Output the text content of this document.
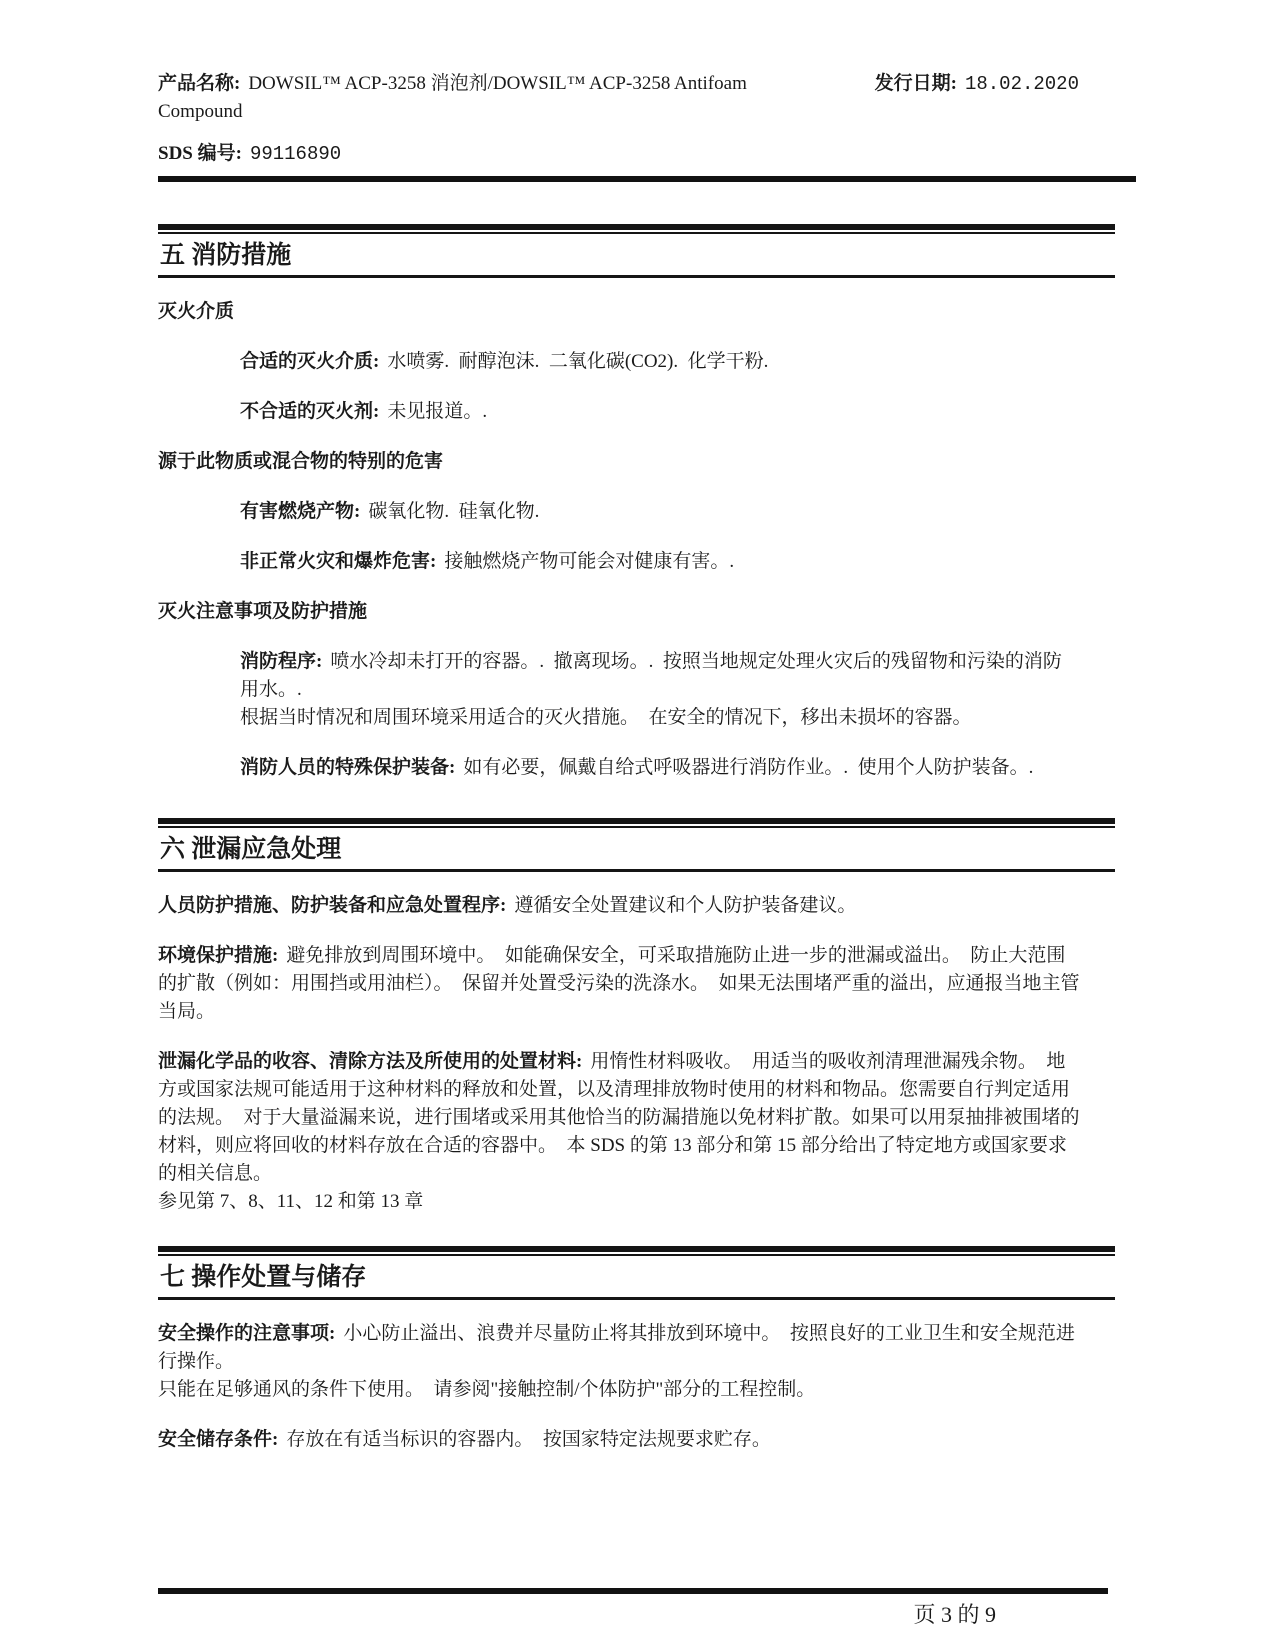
产品名称: DOWSIL™ ACP-3258 消泡剂/DOWSIL™ ACP-3258 Antifoam Compound
发行日期: 18.02.2020
SDS 编号: 99116890
五 消防措施
灭火介质

合适的灭火介质: 水喷雾.  耐醇泡沫.  二氧化碳(CO2).  化学干粉.

不合适的灭火剂: 未见报道。.

源于此物质或混合物的特别的危害

有害燃烧产物: 碳氧化物.  硅氧化物.

非正常火灾和爆炸危害: 接触燃烧产物可能会对健康有害。.

灭火注意事项及防护措施

消防程序: 喷水冷却未打开的容器。.  撤离现场。.  按照当地规定处理火灾后的残留物和污染的消防用水。.

根据当时情况和周围环境采用适合的灭火措施。  在安全的情况下，移出未损坏的容器。

消防人员的特殊保护装备: 如有必要，佩戴自给式呼吸器进行消防作业。.  使用个人防护装备。.

六 泄漏应急处理

人员防护措施、防护装备和应急处置程序: 遵循安全处置建议和个人防护装备建议。

环境保护措施: 避免排放到周围环境中。  如能确保安全，可采取措施防止进一步的泄漏或溢出。  防止大范围的扩散（例如：用围挡或用油栏）。  保留并处置受污染的洗涤水。  如果无法围堵严重的溢出，应通报当地主管当局。

泄漏化学品的收容、清除方法及所使用的处置材料: 用惰性材料吸收。  用适当的吸收剂清理泄漏残余物。  地方或国家法规可能适用于这种材料的释放和处置，以及清理排放物时使用的材料和物品。您需要自行判定适用的法规。  对于大量溢漏来说，进行围堵或采用其他恰当的防漏措施以免材料扩散。如果可以用泵抽排被围堵的材料，则应将回收的材料存放在合适的容器中。  本 SDS 的第 13 部分和第 15 部分给出了特定地方或国家要求的相关信息。

参见第 7、8、11、12 和第 13 章

七 操作处置与储存

安全操作的注意事项: 小心防止溢出、浪费并尽量防止将其排放到环境中。  按照良好的工业卫生和安全规范进行操作。

只能在足够通风的条件下使用。  请参阅"接触控制/个体防护"部分的工程控制。

安全储存条件: 存放在有适当标识的容器内。  按国家特定法规要求贮存。

页 3 的 9
